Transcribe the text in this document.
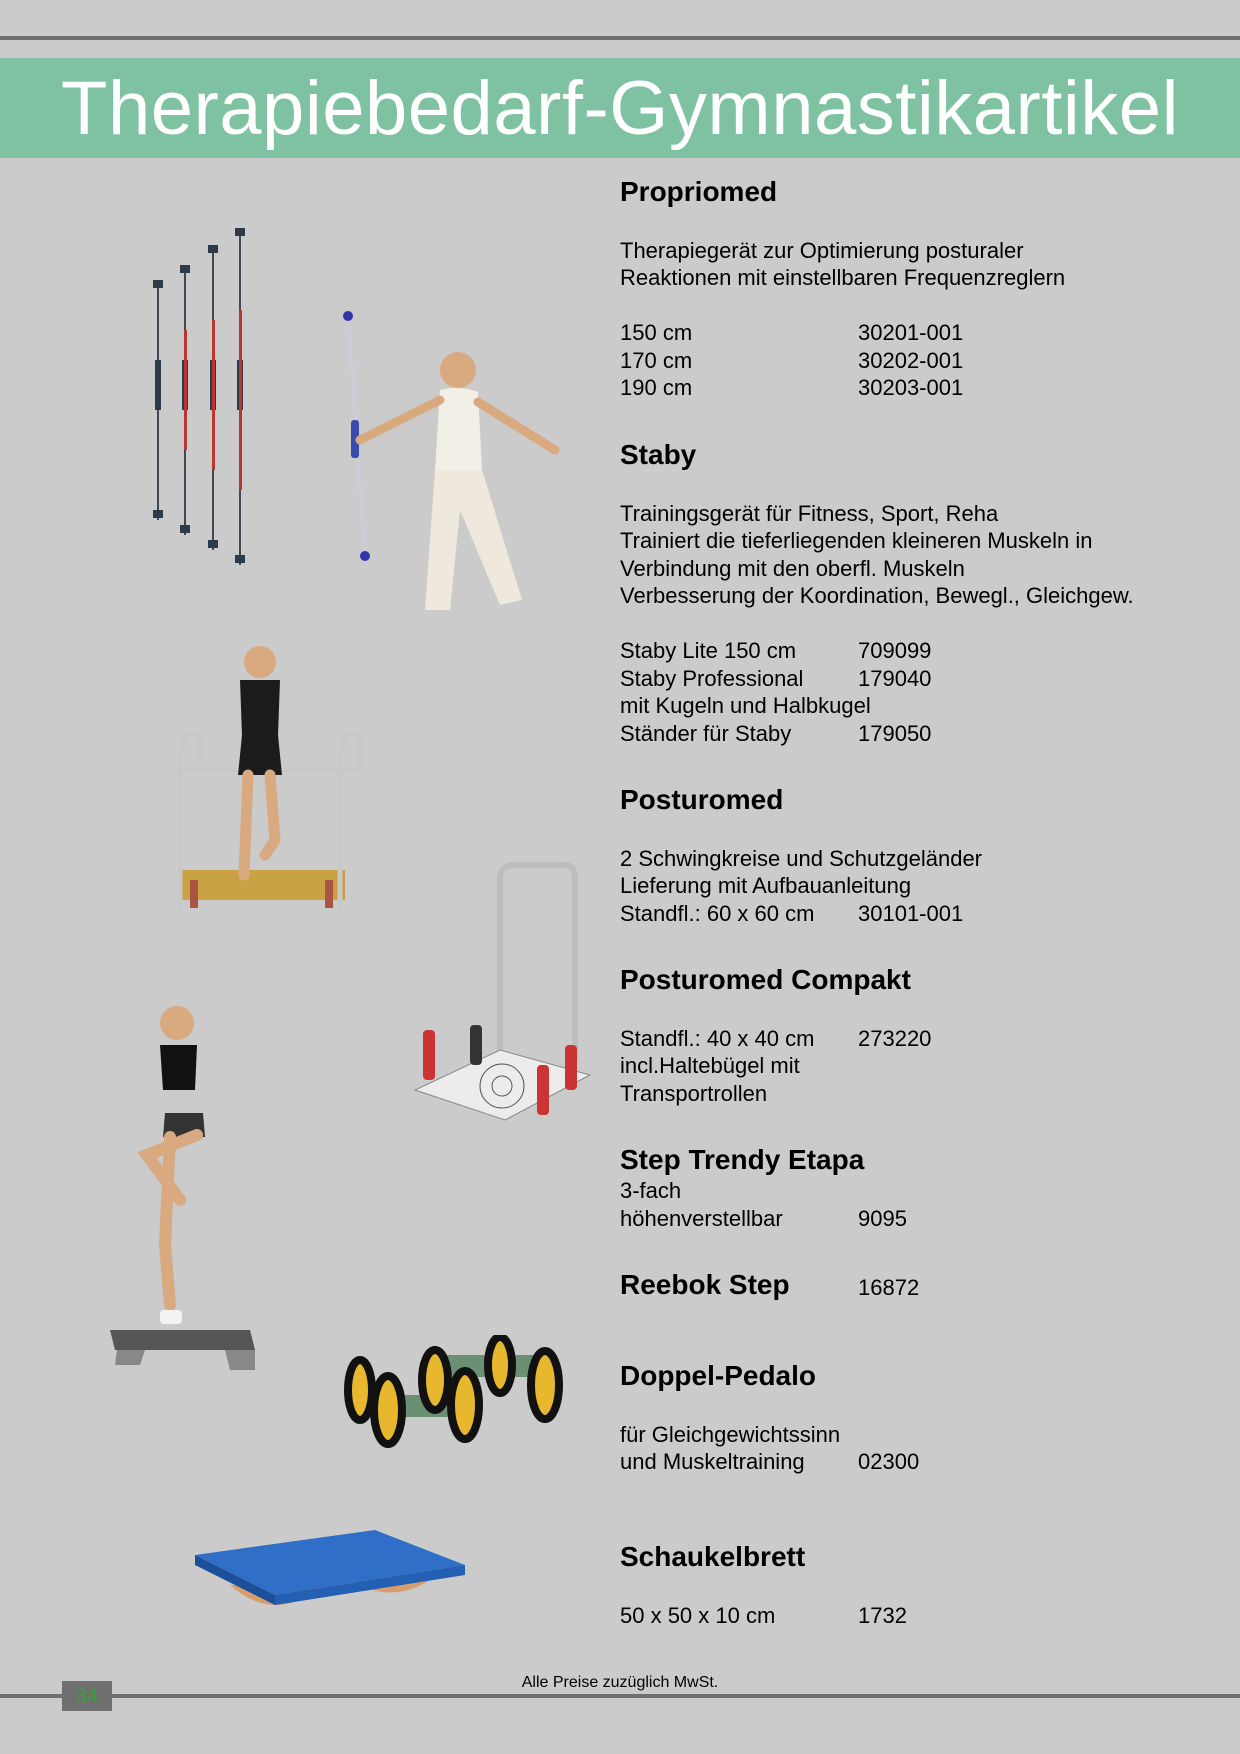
Therapiebedarf-Gymnastikartikel
Propriomed
Therapiegerät zur Optimierung posturaler
Reaktionen mit einstellbaren Frequenzreglern
150 cm	30201-001
170 cm	30202-001
190 cm	30203-001
Staby
Trainingsgerät für Fitness, Sport, Reha
Trainiert die tieferliegenden kleineren Muskeln in
Verbindung mit den oberfl. Muskeln
Verbesserung der Koordination, Bewegl., Gleichgew.
Staby Lite 150 cm	709099
Staby Professional 179040
mit Kugeln und Halbkugel
Ständer für Staby	179050
Posturomed
2 Schwingkreise und Schutzgeländer
Lieferung mit Aufbauanleitung
Standfl.: 60 x 60 cm 30101-001
Posturomed Compakt
Standfl.: 40 x 40 cm 273220
incl.Haltebügel mit
Transportrollen
Step Trendy Etapa
3-fach
höhenverstellbar	9095
Reebok Step	16872
Doppel-Pedalo
für Gleichgewichtssinn
und Muskeltraining 02300
Schaukelbrett
50 x 50 x 10 cm	1732
Alle Preise zuzüglich MwSt.
34
